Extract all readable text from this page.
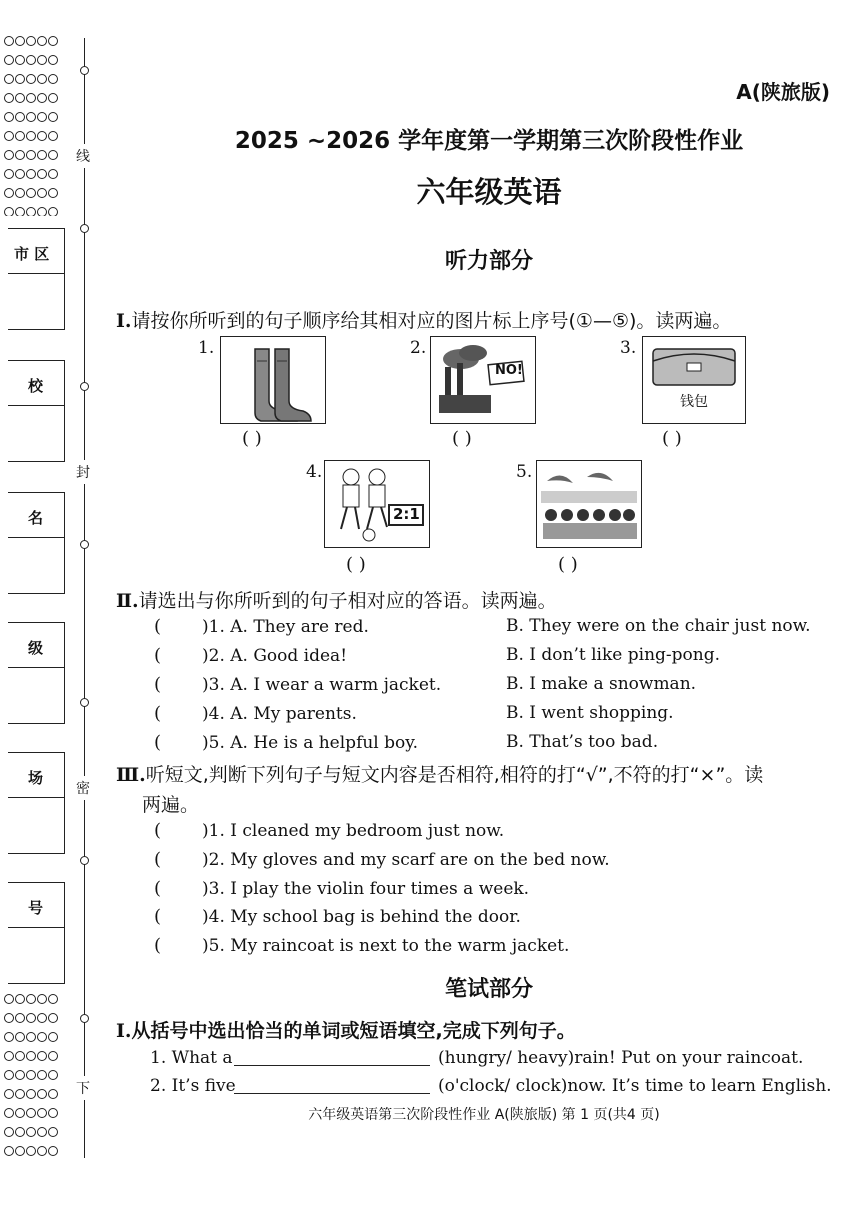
市 区
校
名
级
场
号
线
封
密
下
A(陕旅版)
2025 ~2026 学年度第一学期第三次阶段性作业
六年级英语
听力部分
Ⅰ.请按你所听到的句子顺序给其相对应的图片标上序号(①—⑤)。读两遍。
1.
( )
2.
NO!
( )
3.
钱包
( )
4.
2:1
( )
5.
( )
Ⅱ.请选出与你所听到的句子相对应的答语。读两遍。
( )1. A. They are red.	B. They were on the chair just now.
( )2. A. Good idea!	B. I don’t like ping-pong.
( )3. A. I wear a warm jacket.	B. I make a snowman.
( )4. A. My parents.	B. I went shopping.
( )5. A. He is a helpful boy.	B. That’s too bad.
Ⅲ.听短文,判断下列句子与短文内容是否相符,相符的打“√”,不符的打“×”。读
两遍。
( )1. I cleaned my bedroom just now.
( )2. My gloves and my scarf are on the bed now.
( )3. I play the violin four times a week.
( )4. My school bag is behind the door.
( )5. My raincoat is next to the warm jacket.
笔试部分
Ⅰ.从括号中选出恰当的单词或短语填空,完成下列句子。
1. What a	(hungry/ heavy)rain! Put on your raincoat.
2. It’s five	(o'clock/ clock)now. It’s time to learn English.
六年级英语第三次阶段性作业 A(陕旅版) 第 1 页(共4 页)
